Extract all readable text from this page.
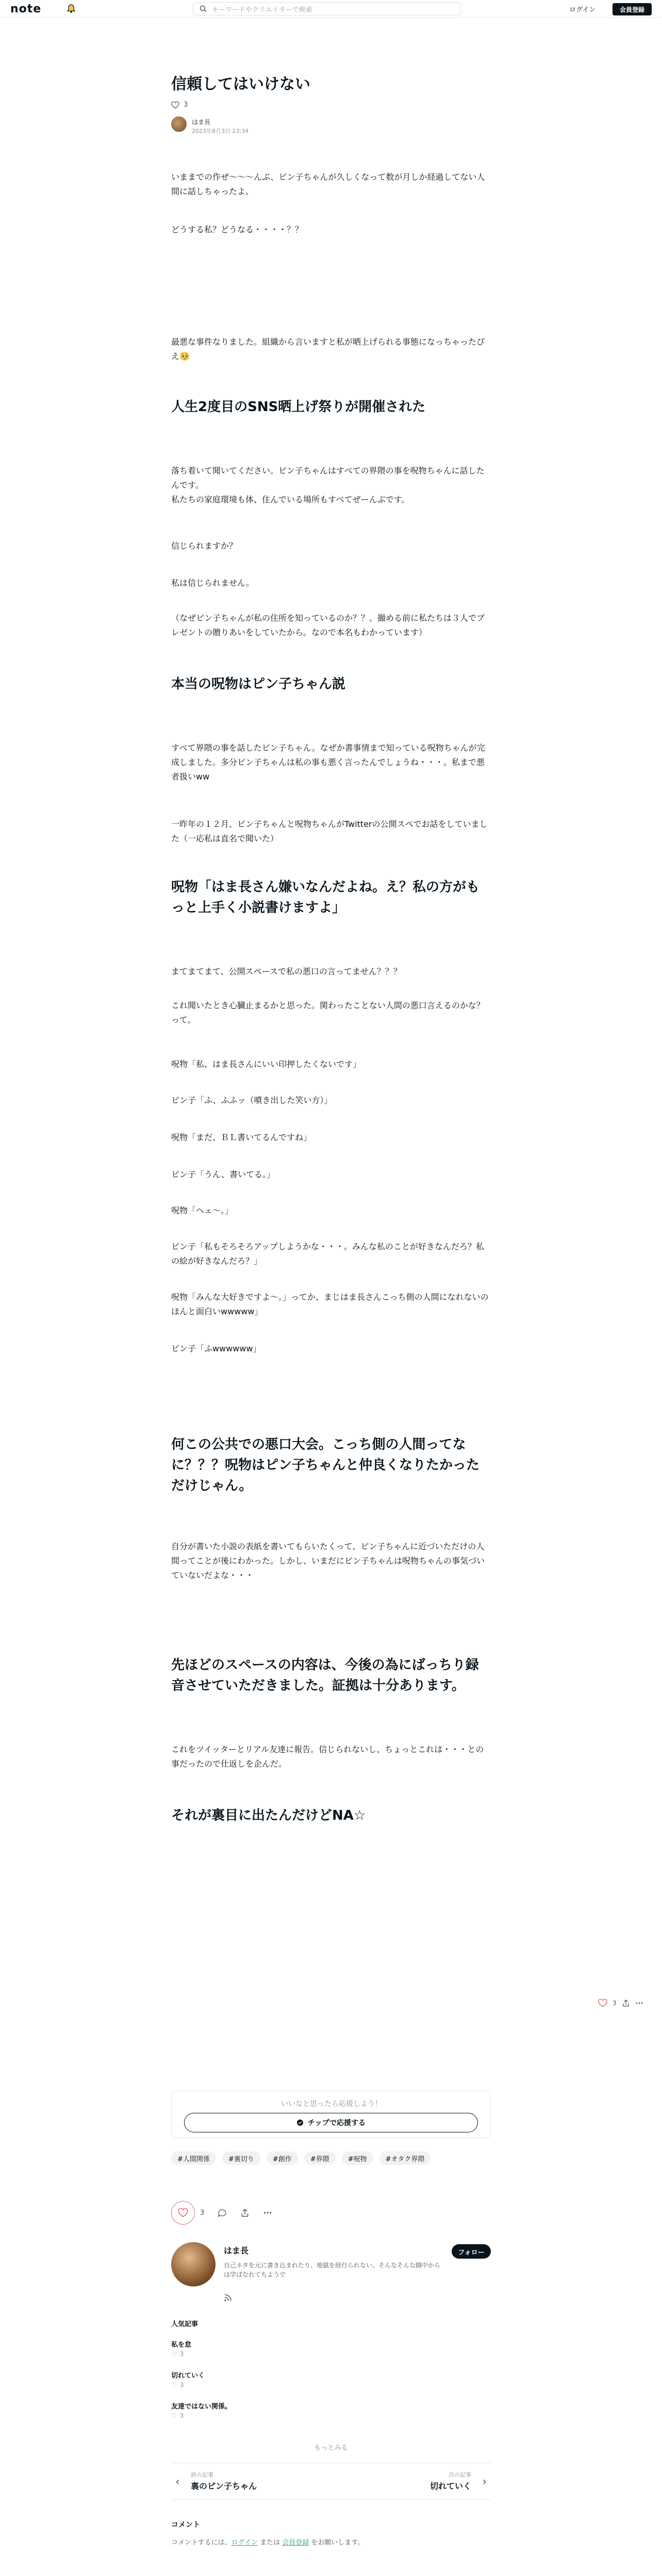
note	キーワードやクリエイターで検索	ログイン	会員登録
信頼してはいけない
3
はま長
2023年8月3日 23:34

いままでの作ぜ〜〜〜んぶ、ピン子ちゃんが久しくなって数が月しか経過してない人間に話しちゃったよ。

どうする私？どうなる・・・・？？

最悪な事件なりました。組織から言いますと私が晒上げられる事態になっちゃったぴえ🥺

人生2度目のSNS晒上げ祭りが開催された

落ち着いて聞いてください。ピン子ちゃんはすべての界隈の事を呪物ちゃんに話したんです。
私たちの家庭環境も体、住んでいる場所もすべてぜーんぶです。

信じられますか？

私は信じられません。

（なぜピン子ちゃんが私の住所を知っているのか？？、撮める前に私たちは３人でプレゼントの贈りあいをしていたから。なので本名もわかっています）

本当の呪物はピン子ちゃん説

すべて界隈の事を話したピン子ちゃん。なぜか書事情まで知っている呪物ちゃんが完成しました。多分ピン子ちゃんは私の事も悪く言ったんでしょうね・・・。私まで悪者扱いww

一昨年の１２月、ピン子ちゃんと呪物ちゃんがTwitterの公開スペでお話をしていました（一応私は直名で聞いた）

呪物「はま長さん嫌いなんだよね。え？私の方がもっと上手く小説書けますよ」

まてまてまて、公開スペースで私の悪口の言ってません？？？

これ聞いたとき心臓止まるかと思った。関わったことない人間の悪口言えるのかな？って。

呪物「私、はま長さんにいい印押したくないです」

ピン子「ふ、ふふッ（噴き出した笑い方）」

呪物「まだ、ＢＬ書いてるんですね」

ピン子「うん、書いてる。」

呪物「ヘェ〜。」

ピン子「私もそろそろアップしようかな・・・。みんな私のことが好きなんだろ？私の絵が好きなんだろ？」

呪物「みんな大好きですよ〜。」ってか、まじはま長さんこっち側の人間になれないのほんと面白いwwwww」

ピン子「ふwwwwww」

何この公共での悪口大会。こっち側の人間ってなに？？？呪物はピン子ちゃんと仲良くなりたかっただけじゃん。

自分が書いた小説の表紙を書いてもらいたくって、ピン子ちゃんに近づいただけの人間ってことが後にわかった。しかし、いまだにピン子ちゃんは呪物ちゃんの事気づいていないだよな・・・

先ほどのスペースの内容は、今後の為にばっちり録音させていただきました。証拠は十分あります。

これをツイッターとリアル友達に報告。信じられないし、ちょっとこれは・・・との事だったので仕返しを企んだ。

それが裏目に出たんだけどNA☆
3
いいなと思ったら応援しよう！
チップで応援する
#人間関係	#裏切り	#創作	#界隈	#呪物	#オタク界隈
3
はま長	フォロー
自己ネタを元に書き込まれたり、地獄を経行られない、そんなそんな闘中からは学ばなれてちようで
人気記事
私を怠
♡ 3
切れていく
♡ 3
友達ではない関係。
♡ 3
もっとみる
‹
前の記事
裏のピン子ちゃん
次の記事
切れていく ›
コメント
コメントするには、ログイン または 会員登録 をお願いします。
